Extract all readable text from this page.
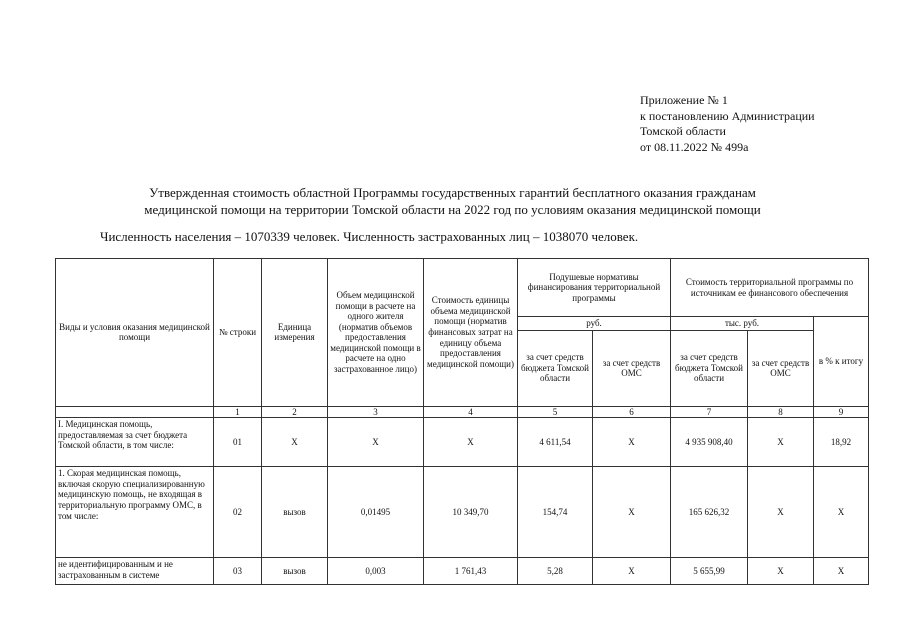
Приложение № 1
к постановлению Администрации
Томской области
от 08.11.2022 № 499а
Утвержденная стоимость областной Программы государственных гарантий бесплатного оказания гражданам
медицинской помощи на территории Томской области на 2022 год по условиям оказания медицинской помощи
Численность населения – 1070339 человек. Численность застрахованных лиц – 1038070 человек.
Виды и условия оказания медицинской помощи	№ строки	Единица измерения	Объем медицинской помощи в расчете на одного жителя (норматив объемов предоставления медицинской помощи в расчете на одно застрахованное лицо)	Стоимость единицы объема медицинской помощи (норматив финансовых затрат на единицу объема предоставления медицинской помощи)	Подушевые нормативы финансирования территориальной программы		Стоимость территориальной программы по источникам ее финансового обеспечения		
					руб.		тыс. руб.		в % к итогу
					за счет средств бюджета Томской области	за счет средств ОМС	за счет средств бюджета Томской области	за счет средств ОМС	
	1	2	3	4	5	6	7	8	9
I. Медицинская помощь, предоставляемая за счет бюджета Томской области, в том числе:	01	Х	Х	Х	4 611,54	Х	4 935 908,40	Х	18,92
1. Скорая медицинская помощь, включая скорую специализированную медицинскую помощь, не входящая в территориальную программу ОМС, в том числе:	02	вызов	0,01495	10 349,70	154,74	Х	165 626,32	Х	Х
не идентифицированным и не застрахованным в системе	03	вызов	0,003	1 761,43	5,28	Х	5 655,99	Х	Х
